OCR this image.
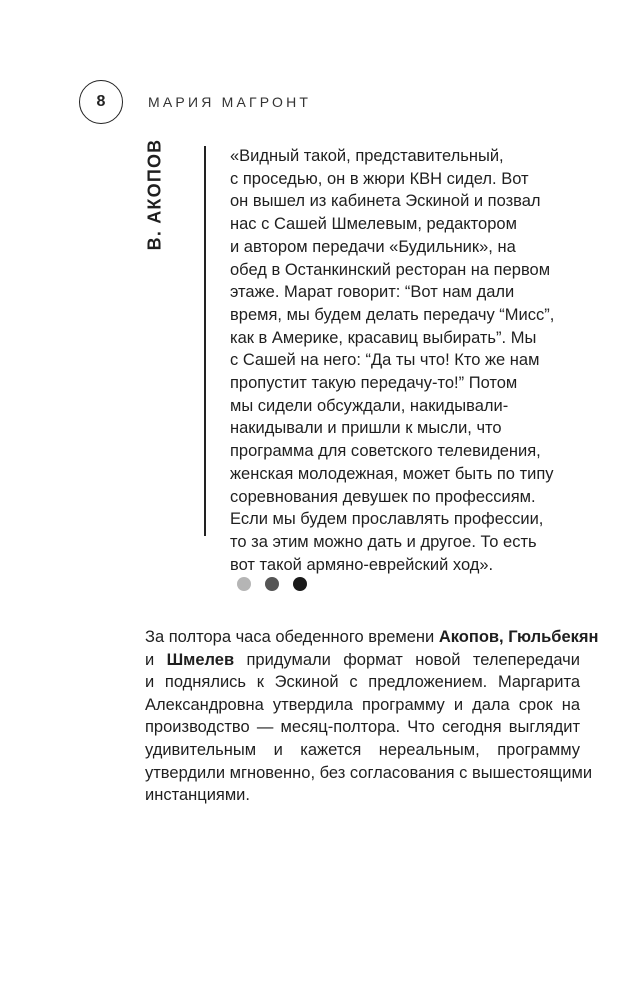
8	МАРИЯ МАГРОНТ
В. АКОПОВ	«Видный такой, представительный,
с проседью, он в жюри КВН сидел. Вот
он вышел из кабинета Эскиной и позвал
нас с Сашей Шмелевым, редактором
и автором передачи «Будильник», на
обед в Останкинский ресторан на первом
этаже. Марат говорит: “Вот нам дали
время, мы будем делать передачу “Мисс”,
как в Америке, красавиц выбирать”. Мы
с Сашей на него: “Да ты что! Кто же нам
пропустит такую передачу-то!” Потом
мы сидели обсуждали, накидывали-
накидывали и пришли к мысли, что
программа для советского телевидения,
женская молодежная, может быть по типу
соревнования девушек по профессиям.
Если мы будем прославлять профессии,
то за этим можно дать и другое. То есть
вот такой армяно-еврейский ход».
За полтора часа обеденного времени Акопов, Гюльбекян
и Шмелев придумали формат новой телепередачи
и поднялись к Эскиной с предложением. Маргарита
Александровна утвердила программу и дала срок на
производство — месяц-полтора. Что сегодня выглядит
удивительным и кажется нереальным, программу
утвердили мгновенно, без согласования с вышестоящими
инстанциями.
